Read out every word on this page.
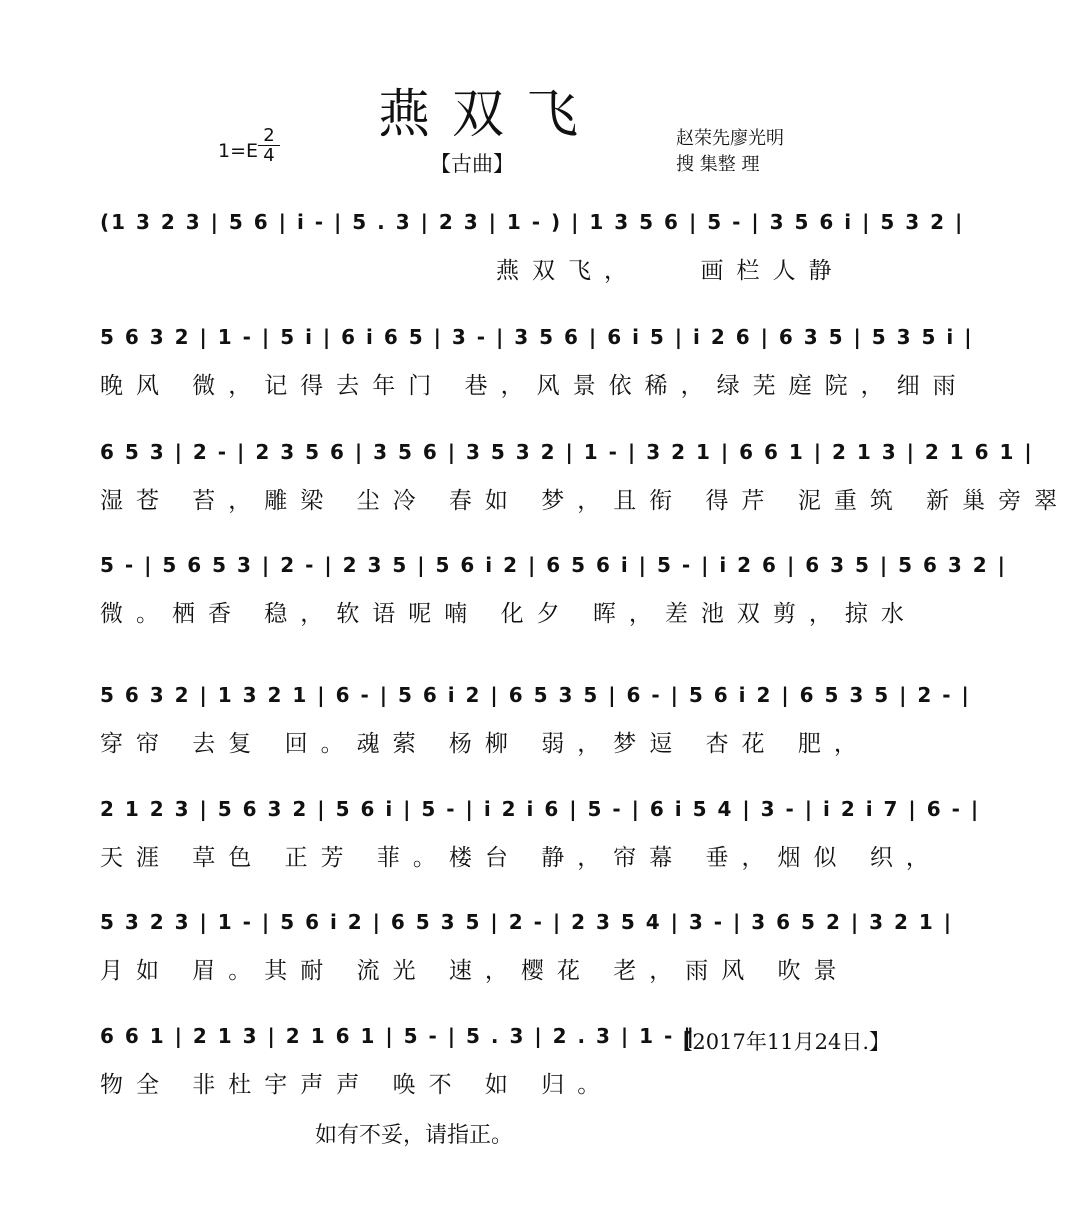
燕双飞
1=E
2
4	【古曲】
赵荣先廖光明
搜 集整 理
(1 3 2 3 | 5 6 | i - | 5 . 3 | 2 3 | 1 - ) | 1 3 5 6 | 5 - | 3 5 6 i | 5 3 2 |
　　　　　　　　　　　燕双飞，　　画栏人静
5 6 3 2 | 1 - | 5 i | 6 i 6 5 | 3 - | 3 5 6 | 6 i 5 | i 2 6 | 6 3 5 | 5 3 5 i |
晚风 微，记得去年门 巷，风景依稀，绿芜庭院，细雨
6 5 3 | 2 - | 2 3 5 6 | 3 5 6 | 3 5 3 2 | 1 - | 3 2 1 | 6 6 1 | 2 1 3 | 2 1 6 1 |
湿苍 苔，雕梁 尘冷 春如 梦，且衔 得芹 泥重筑 新巢旁翠
5 - | 5 6 5 3 | 2 - | 2 3 5 | 5 6 i 2 | 6 5 6 i | 5 - | i 2 6 | 6 3 5 | 5 6 3 2 |
微。栖香 稳，软语呢喃 化夕 晖，差池双剪，掠水
5 6 3 2 | 1 3 2 1 | 6 - | 5 6 i 2 | 6 5 3 5 | 6 - | 5 6 i 2 | 6 5 3 5 | 2 - |
穿帘 去复 回。魂萦 杨柳 弱，梦逗 杏花 肥，
2 1 2 3 | 5 6 3 2 | 5 6 i | 5 - | i 2 i 6 | 5 - | 6 i 5 4 | 3 - | i 2 i 7 | 6 - |
天涯 草色 正芳 菲。楼台 静，帘幕 垂，烟似 织，
5 3 2 3 | 1 - | 5 6 i 2 | 6 5 3 5 | 2 - | 2 3 5 4 | 3 - | 3 6 5 2 | 3 2 1 |
月如 眉。其耐 流光 速，樱花 老，雨风 吹景
6 6 1 | 2 1 3 | 2 1 6 1 | 5 - | 5 . 3 | 2 . 3 | 1 - ‖
【2017年11月24日.】
物全 非杜宇声声 唤不 如 归。
如有不妥，请指正。
